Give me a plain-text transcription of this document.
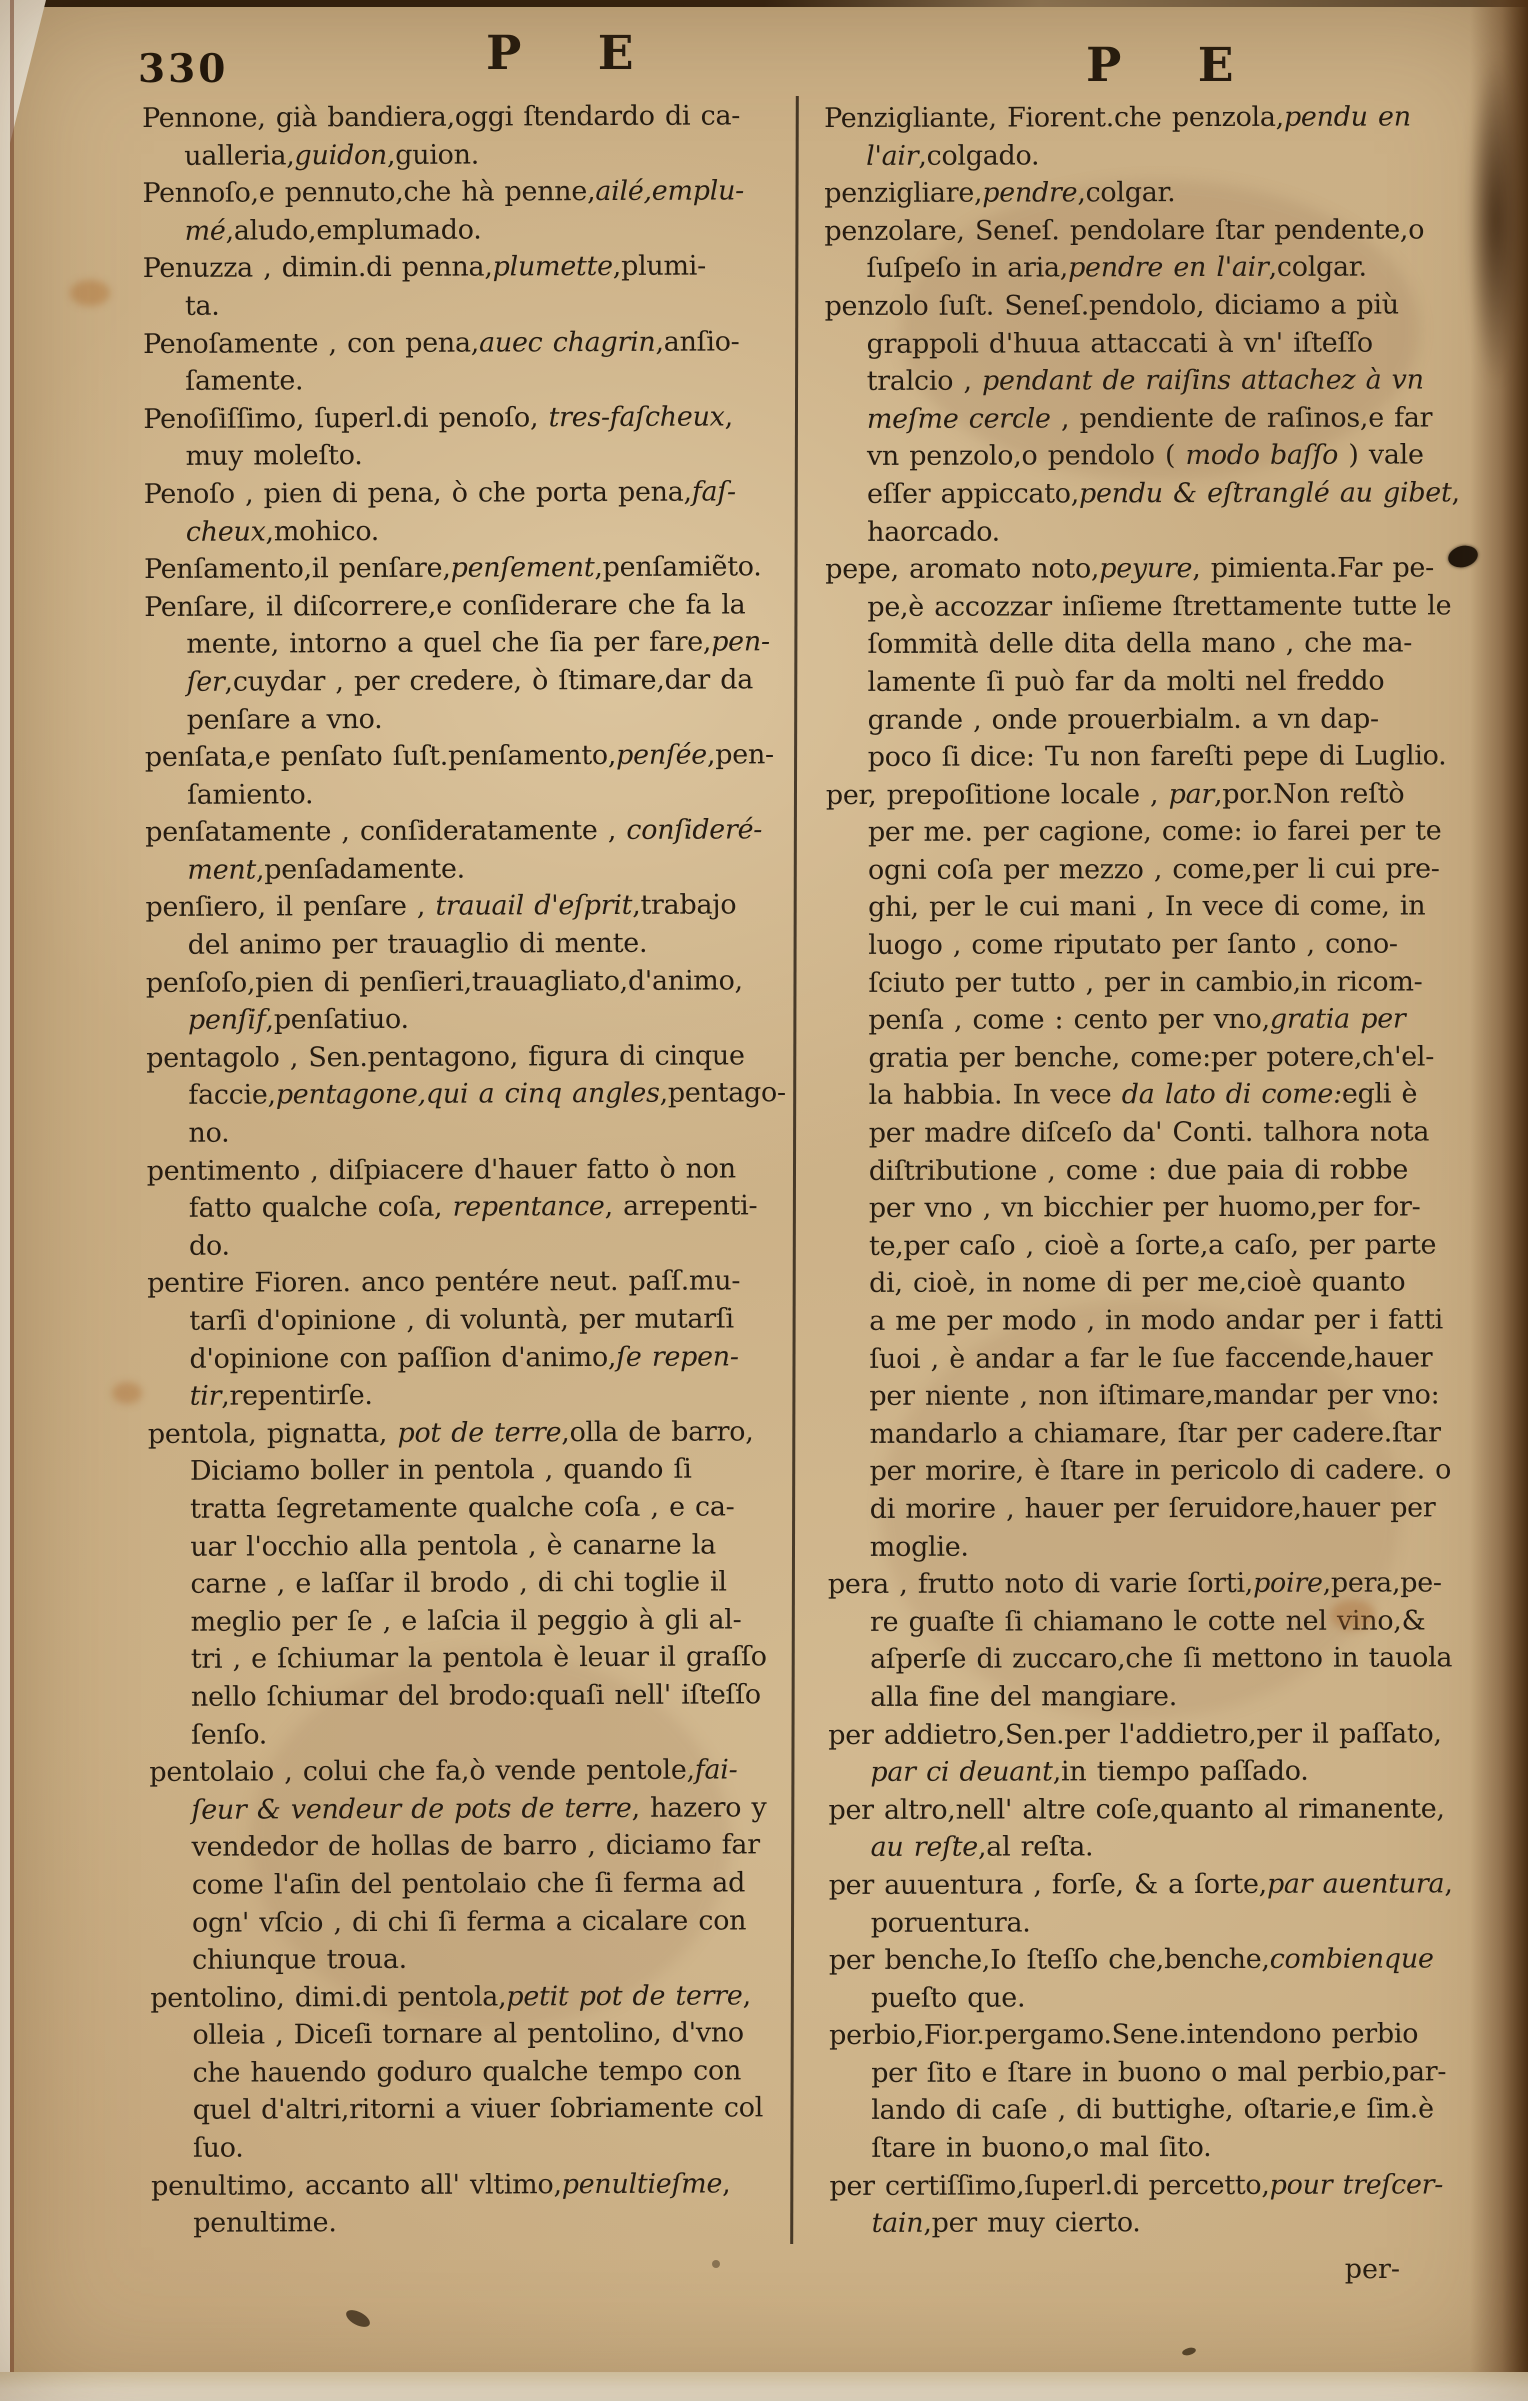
330	P E	P E
Pennone, già bandiera,oggi ſtendardo di ca-
ualleria,guidon,guion.
Pennoſo,e pennuto,che hà penne,ailé,emplu-
mé,aludo,emplumado.
Penuzza , dimin.di penna,plumette,plumi-
ta.
Penoſamente , con pena,auec chagrin,anſio-
ſamente.
Penoſiſſimo, ſuperl.di penoſo, tres-faſcheux,
muy moleſto.
Penoſo , pien di pena, ò che porta pena,faſ-
cheux,mohico.
Penſamento,il penſare,penſement,penſamiẽto.
Penſare, il diſcorrere,e conſiderare che fa la
mente, intorno a quel che ſia per fare,pen-
ſer,cuydar , per credere, ò ſtimare,dar da
penſare a vno.
penſata,e penſato ſuſt.penſamento,penſée,pen-
ſamiento.
penſatamente , conſideratamente , conſideré-
ment,penſadamente.
penſiero, il penſare , trauail d'eſprit,trabajo
del animo per trauaglio di mente.
penſoſo,pien di penſieri,trauagliato,d'animo,
penſif,penſatiuo.
pentagolo , Sen.pentagono, figura di cinque
faccie,pentagone,qui a cinq angles,pentago-
no.
pentimento , diſpiacere d'hauer fatto ò non
fatto qualche coſa, repentance, arrepenti-
do.
pentire Fioren. anco pentére neut. paſſ.mu-
tarſi d'opinione , di voluntà, per mutarſi
d'opinione con paſſion d'animo,ſe repen-
tir,repentirſe.
pentola, pignatta, pot de terre,olla de barro,
Diciamo boller in pentola , quando ſi
tratta ſegretamente qualche coſa , e ca-
uar l'occhio alla pentola , è canarne la
carne , e laſſar il brodo , di chi toglie il
meglio per ſe , e laſcia il peggio à gli al-
tri , e ſchiumar la pentola è leuar il graſſo
nello ſchiumar del brodo:quaſi nell' iſteſſo
ſenſo.
pentolaio , colui che fa,ò vende pentole,fai-
ſeur & vendeur de pots de terre, hazero y
vendedor de hollas de barro , diciamo far
come l'aſin del pentolaio che ſi ferma ad
ogn' vſcio , di chi ſi ferma a cicalare con
chiunque troua.
pentolino, dimi.di pentola,petit pot de terre,
olleia , Diceſi tornare al pentolino, d'vno
che hauendo goduro qualche tempo con
quel d'altri,ritorni a viuer ſobriamente col
ſuo.
penultimo, accanto all' vltimo,penultieſme,
penultime.
Penzigliante, Fiorent.che penzola,pendu en
l'air,colgado.
penzigliare,pendre,colgar.
penzolare, Seneſ. pendolare ſtar pendente,o
ſuſpeſo in aria,pendre en l'air,colgar.
penzolo ſuſt. Seneſ.pendolo, diciamo a più
grappoli d'huua attaccati à vn' iſteſſo
tralcio , pendant de raiſins attachez à vn
meſme cercle , pendiente de raſinos,e far
vn penzolo,o pendolo ( modo baſſo ) vale
eſſer appiccato,pendu & eſtranglé au gibet,
haorcado.
pepe, aromato noto,peyure, pimienta.Far pe-
pe,è accozzar inſieme ſtrettamente tutte le
ſommità delle dita della mano , che ma-
lamente ſi può far da molti nel freddo
grande , onde prouerbialm. a vn dap-
poco ſi dice: Tu non fareſti pepe di Luglio.
per, prepoſitione locale , par,por.Non reſtò
per me. per cagione, come: io farei per te
ogni coſa per mezzo , come,per li cui pre-
ghi, per le cui mani , In vece di come, in
luogo , come riputato per ſanto , cono-
ſciuto per tutto , per in cambio,in ricom-
penſa , come : cento per vno,gratia per
gratia per benche, come:per potere,ch'el-
la habbia. In vece da lato di come:egli è
per madre diſceſo da' Conti. talhora nota
diſtributione , come : due paia di robbe
per vno , vn bicchier per huomo,per for-
te,per caſo , cioè a ſorte,a caſo, per parte
di, cioè, in nome di per me,cioè quanto
a me per modo , in modo andar per i fatti
ſuoi , è andar a far le ſue faccende,hauer
per niente , non iſtimare,mandar per vno:
mandarlo a chiamare, ſtar per cadere.ſtar
per morire, è ſtare in pericolo di cadere. o
di morire , hauer per ſeruidore,hauer per
moglie.
pera , frutto noto di varie ſorti,poire,pera,pe-
re guaſte ſi chiamano le cotte nel vino,&
aſperſe di zuccaro,che ſi mettono in tauola
alla fine del mangiare.
per addietro,Sen.per l'addietro,per il paſſato,
par ci deuant,in tiempo paſſado.
per altro,nell' altre coſe,quanto al rimanente,
au reſte,al reſta.
per auuentura , forſe, & a ſorte,par auentura,
poruentura.
per benche,Io ſteſſo che,benche,combienque
pueſto que.
perbio,Fior.pergamo.Sene.intendono perbio
per ſito e ſtare in buono o mal perbio,par-
lando di caſe , di buttighe, oſtarie,e ſim.è
ſtare in buono,o mal ſito.
per certiſſimo,ſuperl.di percetto,pour treſcer-
tain,per muy cierto.
per-
